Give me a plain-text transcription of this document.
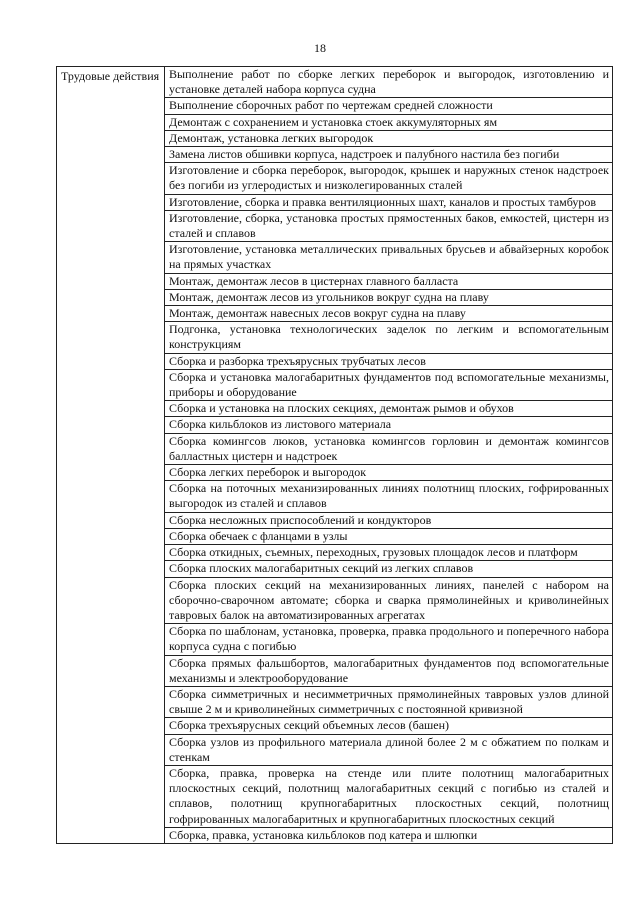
18
Трудовые действия Выполнение работ по сборке легких переборок и выгородок, изготовлению и установке деталей набора корпуса судна
Выполнение сборочных работ по чертежам средней сложности
Демонтаж с сохранением и установка стоек аккумуляторных ям
Демонтаж, установка легких выгородок
Замена листов обшивки корпуса, надстроек и палубного настила без погиби
Изготовление и сборка переборок, выгородок, крышек и наружных стенок надстроек без погиби из углеродистых и низколегированных сталей
Изготовление, сборка и правка вентиляционных шахт, каналов и простых тамбуров
Изготовление, сборка, установка простых прямостенных баков, емкостей, цистерн из сталей и сплавов
Изготовление, установка металлических привальных брусьев и абвайзерных коробок на прямых участках
Монтаж, демонтаж лесов в цистернах главного балласта
Монтаж, демонтаж лесов из угольников вокруг судна на плаву
Монтаж, демонтаж навесных лесов вокруг судна на плаву
Подгонка, установка технологических заделок по легким и вспомогательным конструкциям
Сборка и разборка трехъярусных трубчатых лесов
Сборка и установка малогабаритных фундаментов под вспомогательные механизмы, приборы и оборудование
Сборка и установка на плоских секциях, демонтаж рымов и обухов
Сборка кильблоков из листового материала
Сборка комингсов люков, установка комингсов горловин и демонтаж комингсов балластных цистерн и надстроек
Сборка легких переборок и выгородок
Сборка на поточных механизированных линиях полотнищ плоских, гофрированных выгородок из сталей и сплавов
Сборка несложных приспособлений и кондукторов
Сборка обечаек с фланцами в узлы
Сборка откидных, съемных, переходных, грузовых площадок лесов и платформ
Сборка плоских малогабаритных секций из легких сплавов
Сборка плоских секций на механизированных линиях, панелей с набором на сборочно-сварочном автомате; сборка и сварка прямолинейных и криволинейных тавровых балок на автоматизированных агрегатах
Сборка по шаблонам, установка, проверка, правка продольного и поперечного набора корпуса судна с погибью
Сборка прямых фальшбортов, малогабаритных фундаментов под вспомогательные механизмы и электрооборудование
Сборка симметричных и несимметричных прямолинейных тавровых узлов длиной свыше 2 м и криволинейных симметричных с постоянной кривизной
Сборка трехъярусных секций объемных лесов (башен)
Сборка узлов из профильного материала длиной более 2 м с обжатием по полкам и стенкам
Сборка, правка, проверка на стенде или плите полотнищ малогабаритных плоскостных секций, полотнищ малогабаритных секций с погибью из сталей и сплавов, полотнищ крупногабаритных плоскостных секций, полотнищ гофрированных малогабаритных и крупногабаритных плоскостных секций
Сборка, правка, установка кильблоков под катера и шлюпки
